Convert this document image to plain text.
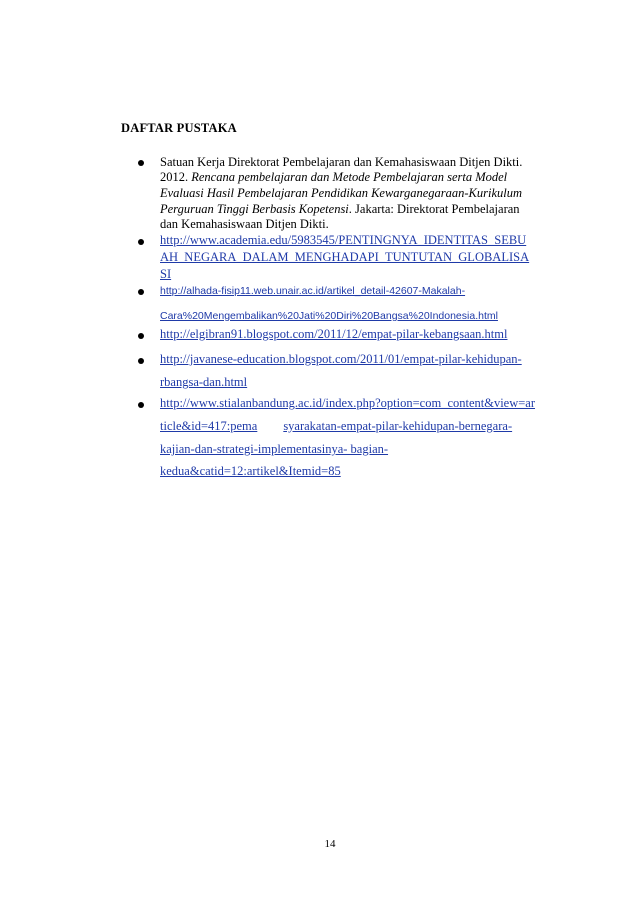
DAFTAR PUSTAKA
Satuan Kerja Direktorat Pembelajaran dan Kemahasiswaan Ditjen Dikti.
2012. Rencana pembelajaran dan Metode Pembelajaran serta Model
Evaluasi Hasil Pembelajaran Pendidikan Kewarganegaraan-Kurikulum
Perguruan Tinggi Berbasis Kopetensi. Jakarta: Direktorat Pembelajaran
dan Kemahasiswaan Ditjen Dikti.
http://www.academia.edu/5983545/PENTINGNYA_IDENTITAS_SEBU
AH_NEGARA_DALAM_MENGHADAPI_TUNTUTAN_GLOBALISA
SI
http://alhada-fisip11.web.unair.ac.id/artikel_detail-42607-Makalah-
Cara%20Mengembalikan%20Jati%20Diri%20Bangsa%20Indonesia.html
http://elgibran91.blogspot.com/2011/12/empat-pilar-kebangsaan.html
http://javanese-education.blogspot.com/2011/01/empat-pilar-kehidupan-
rbangsa-dan.html
http://www.stialanbandung.ac.id/index.php?option=com_content&view=ar
ticle&id=417:pema syarakatan-empat-pilar-kehidupan-bernegara-
kajian-dan-strategi-implementasinya- bagian-
kedua&catid=12:artikel&Itemid=85
14
